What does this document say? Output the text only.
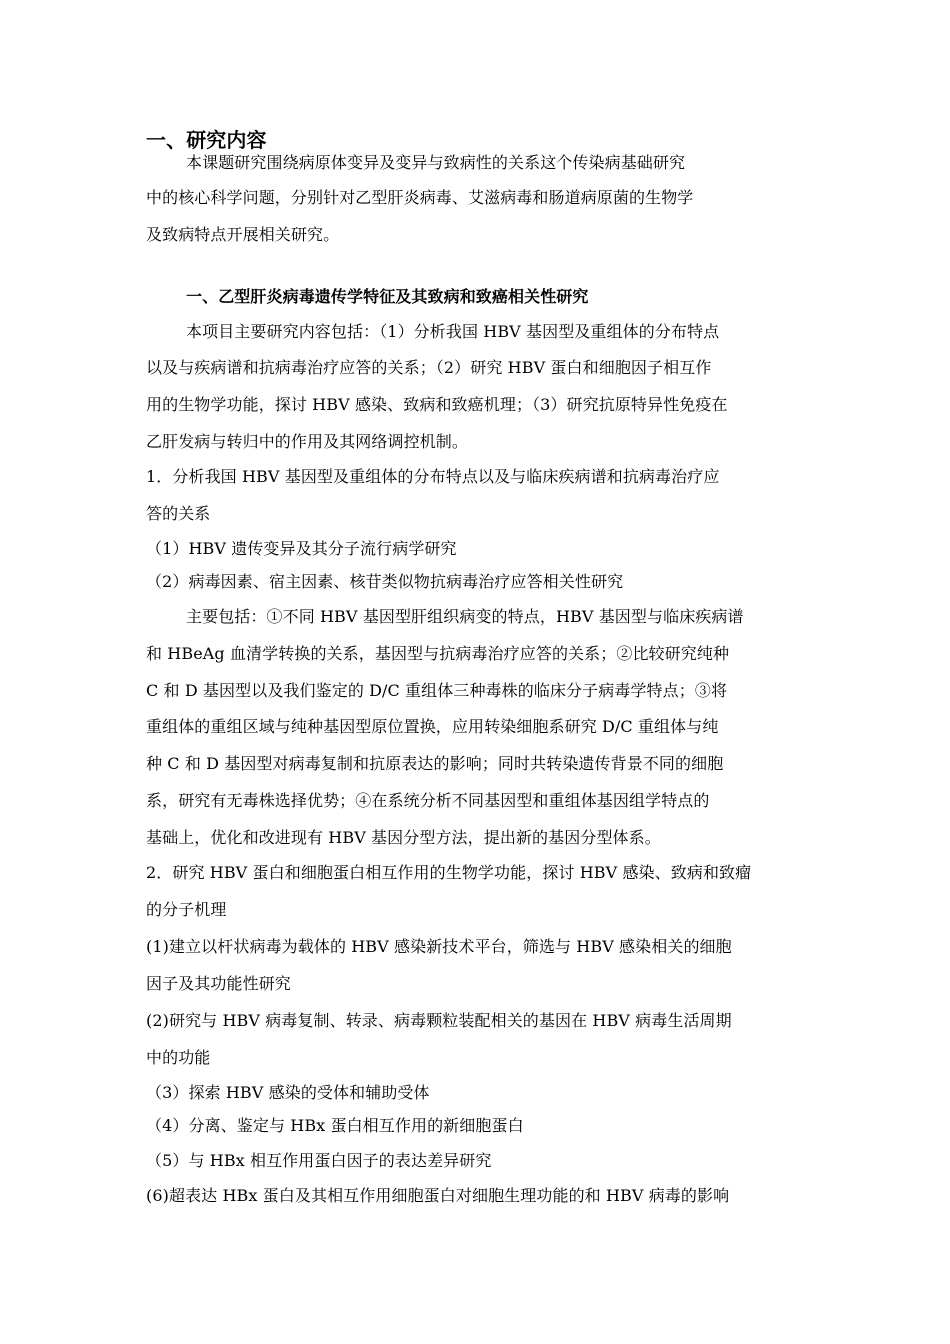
一、研究内容
本课题研究围绕病原体变异及变异与致病性的关系这个传染病基础研究
中的核心科学问题，分别针对乙型肝炎病毒、艾滋病毒和肠道病原菌的生物学
及致病特点开展相关研究。
一、乙型肝炎病毒遗传学特征及其致病和致癌相关性研究
本项目主要研究内容包括：（1）分析我国 HBV 基因型及重组体的分布特点
以及与疾病谱和抗病毒治疗应答的关系；（2）研究 HBV 蛋白和细胞因子相互作
用的生物学功能，探讨 HBV 感染、致病和致癌机理；（3）研究抗原特异性免疫在
乙肝发病与转归中的作用及其网络调控机制。
1．分析我国 HBV 基因型及重组体的分布特点以及与临床疾病谱和抗病毒治疗应
答的关系
（1）HBV 遗传变异及其分子流行病学研究
（2）病毒因素、宿主因素、核苷类似物抗病毒治疗应答相关性研究
主要包括：①不同 HBV 基因型肝组织病变的特点，HBV 基因型与临床疾病谱
和 HBeAg 血清学转换的关系，基因型与抗病毒治疗应答的关系；②比较研究纯种
C 和 D 基因型以及我们鉴定的 D/C 重组体三种毒株的临床分子病毒学特点；③将
重组体的重组区域与纯种基因型原位置换，应用转染细胞系研究 D/C 重组体与纯
种 C 和 D 基因型对病毒复制和抗原表达的影响；同时共转染遗传背景不同的细胞
系，研究有无毒株选择优势；④在系统分析不同基因型和重组体基因组学特点的
基础上，优化和改进现有 HBV 基因分型方法，提出新的基因分型体系。
2．研究 HBV 蛋白和细胞蛋白相互作用的生物学功能，探讨 HBV 感染、致病和致瘤
的分子机理
(1)建立以杆状病毒为载体的 HBV 感染新技术平台，筛选与 HBV 感染相关的细胞
因子及其功能性研究
(2)研究与 HBV 病毒复制、转录、病毒颗粒装配相关的基因在 HBV 病毒生活周期
中的功能
（3）探索 HBV 感染的受体和辅助受体
（4）分离、鉴定与 HBx 蛋白相互作用的新细胞蛋白
（5）与 HBx 相互作用蛋白因子的表达差异研究
(6)超表达 HBx 蛋白及其相互作用细胞蛋白对细胞生理功能的和 HBV 病毒的影响
